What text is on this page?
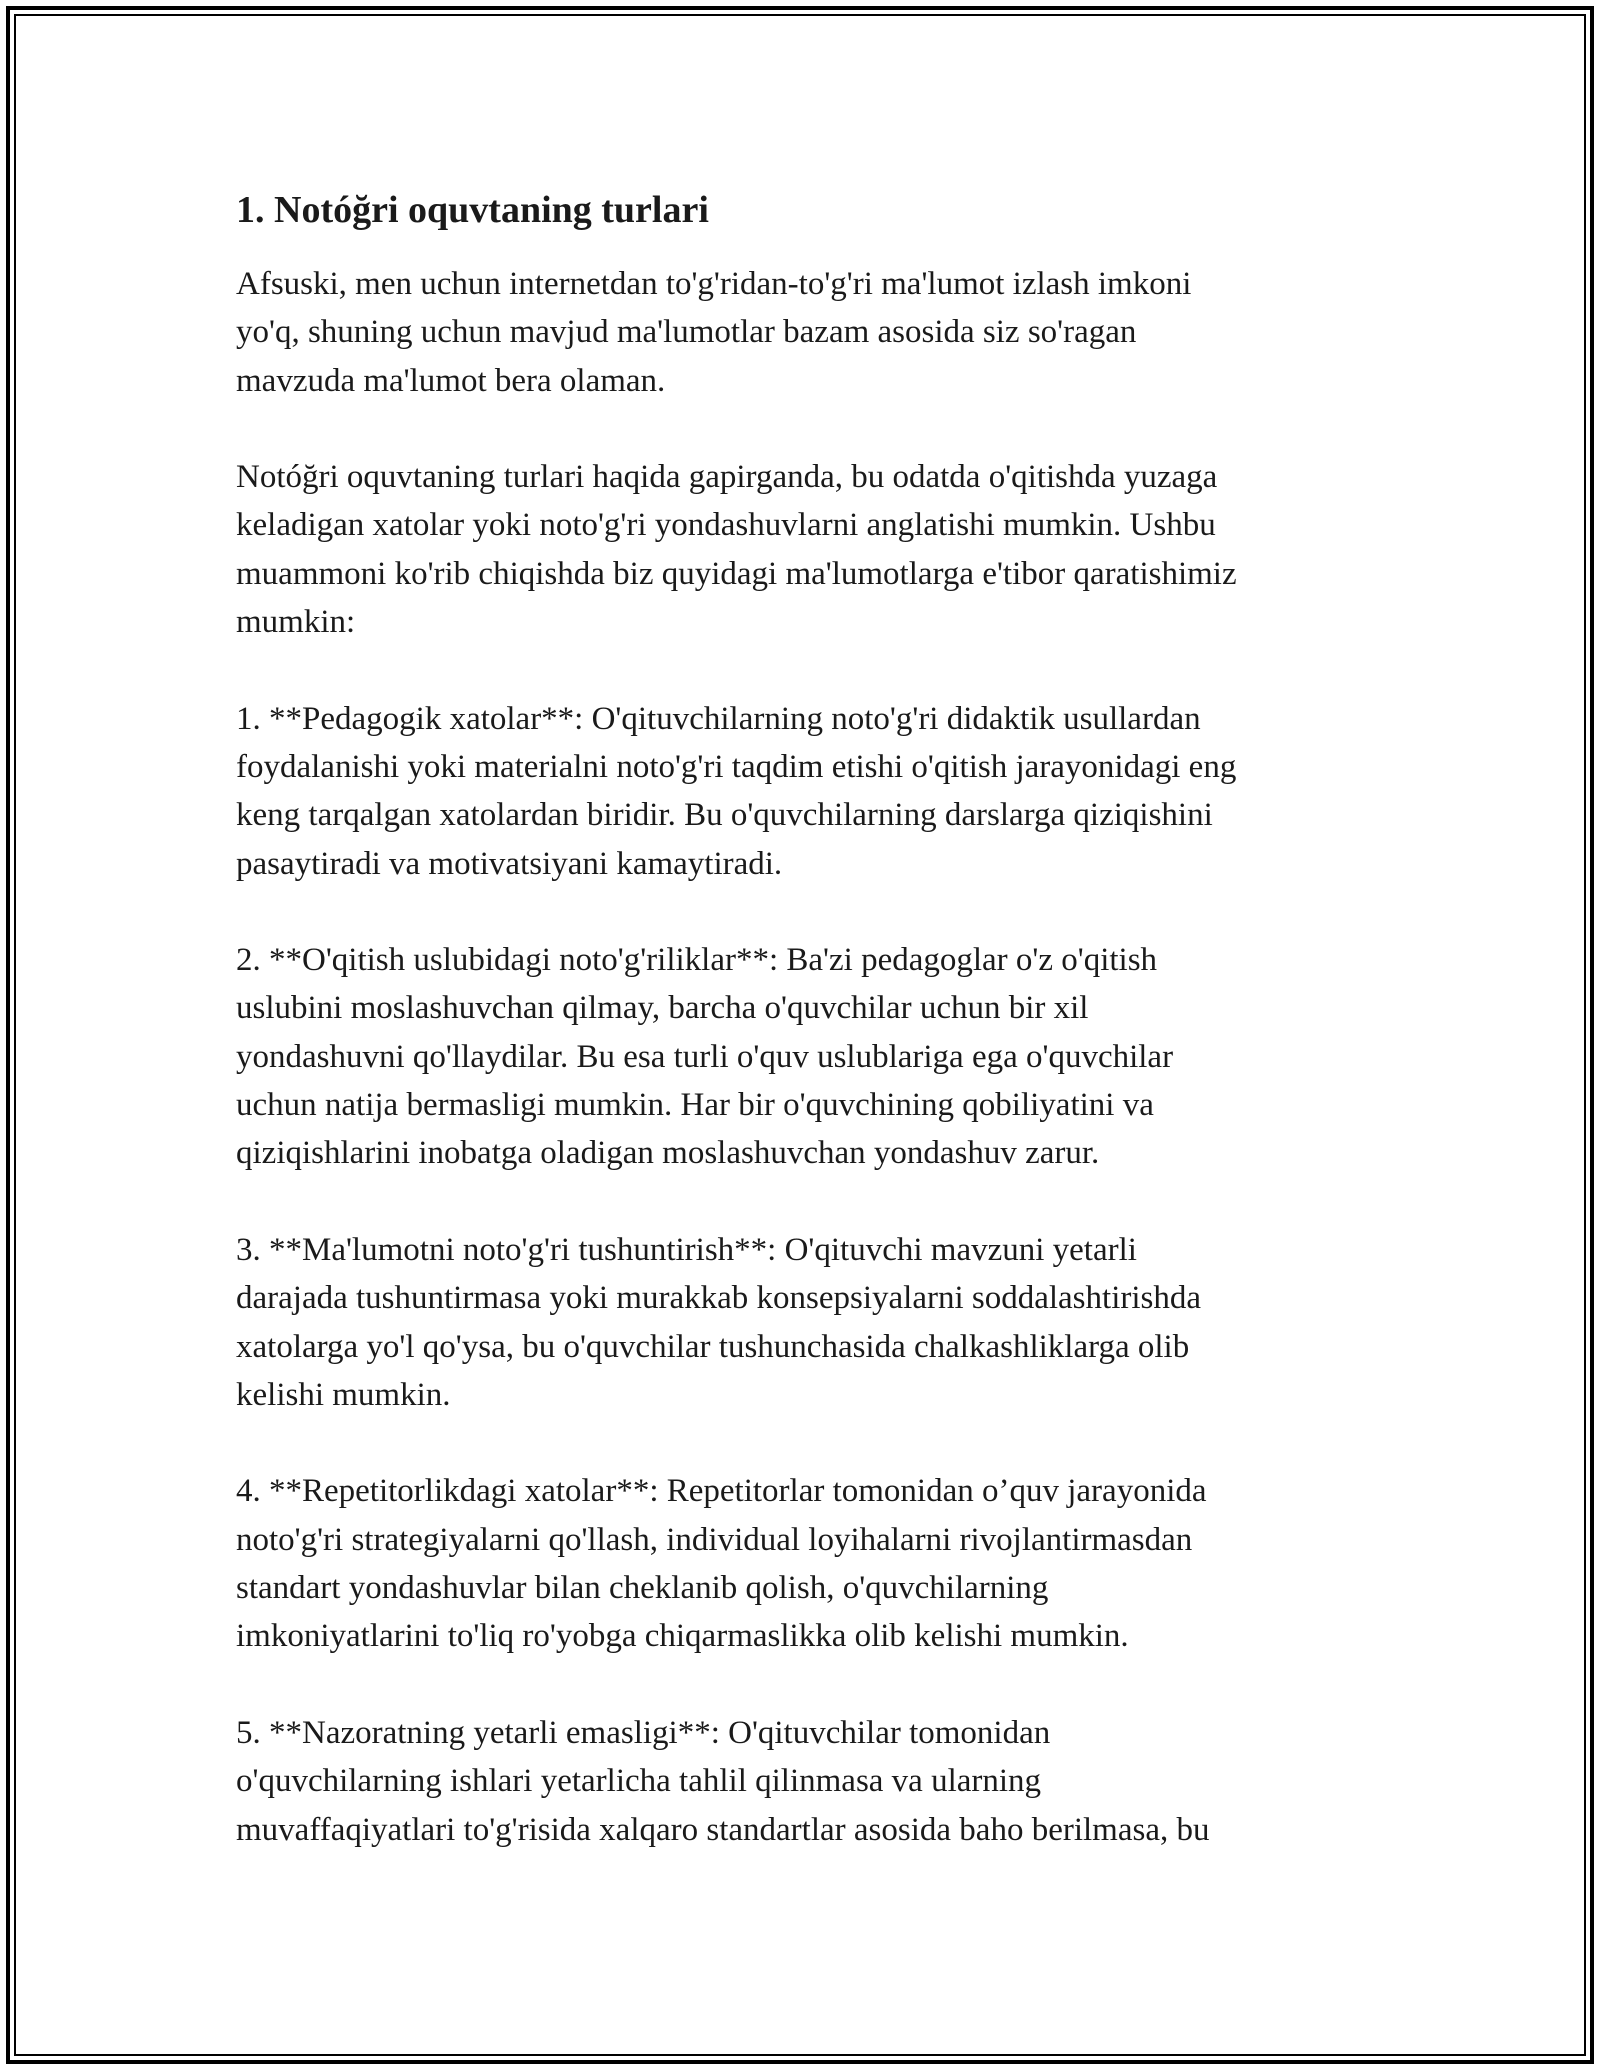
1. Notóğri oquvtaning turlari

Afsuski, men uchun internetdan to'g'ridan-to'g'ri ma'lumot izlash imkoni
yo'q, shuning uchun mavjud ma'lumotlar bazam asosida siz so'ragan
mavzuda ma'lumot bera olaman.

Notóğri oquvtaning turlari haqida gapirganda, bu odatda o'qitishda yuzaga
keladigan xatolar yoki noto'g'ri yondashuvlarni anglatishi mumkin. Ushbu
muammoni ko'rib chiqishda biz quyidagi ma'lumotlarga e'tibor qaratishimiz
mumkin:

1. **Pedagogik xatolar**: O'qituvchilarning noto'g'ri didaktik usullardan
foydalanishi yoki materialni noto'g'ri taqdim etishi o'qitish jarayonidagi eng
keng tarqalgan xatolardan biridir. Bu o'quvchilarning darslarga qiziqishini
pasaytiradi va motivatsiyani kamaytiradi.

2. **O'qitish uslubidagi noto'g'riliklar**: Ba'zi pedagoglar o'z o'qitish
uslubini moslashuvchan qilmay, barcha o'quvchilar uchun bir xil
yondashuvni qo'llaydilar. Bu esa turli o'quv uslublariga ega o'quvchilar
uchun natija bermasligi mumkin. Har bir o'quvchining qobiliyatini va
qiziqishlarini inobatga oladigan moslashuvchan yondashuv zarur.

3. **Ma'lumotni noto'g'ri tushuntirish**: O'qituvchi mavzuni yetarli
darajada tushuntirmasa yoki murakkab konsepsiyalarni soddalashtirishda
xatolarga yo'l qo'ysa, bu o'quvchilar tushunchasida chalkashliklarga olib
kelishi mumkin.

4. **Repetitorlikdagi xatolar**: Repetitorlar tomonidan o’quv jarayonida
noto'g'ri strategiyalarni qo'llash, individual loyihalarni rivojlantirmasdan
standart yondashuvlar bilan cheklanib qolish, o'quvchilarning
imkoniyatlarini to'liq ro'yobga chiqarmaslikka olib kelishi mumkin.

5. **Nazoratning yetarli emasligi**: O'qituvchilar tomonidan
o'quvchilarning ishlari yetarlicha tahlil qilinmasa va ularning
muvaffaqiyatlari to'g'risida xalqaro standartlar asosida baho berilmasa, bu
